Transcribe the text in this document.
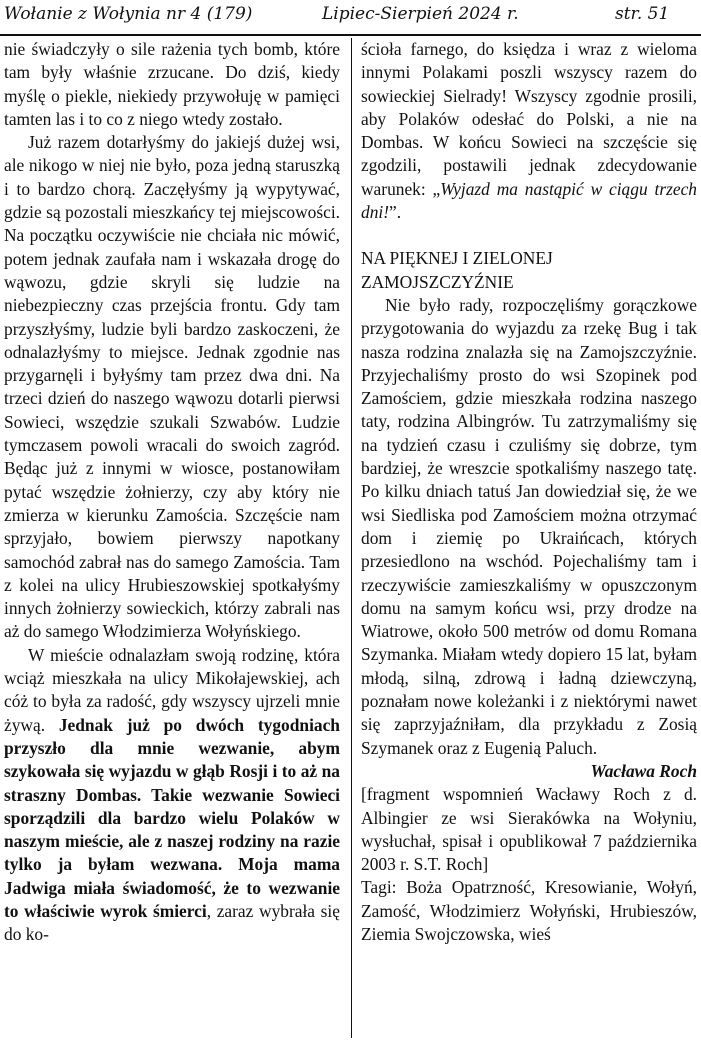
Wołanie z Wołynia nr 4 (179)	Lipiec-Sierpień 2024 r.	str. 51

nie świadczyły o sile rażenia tych bomb, które tam były właśnie zrzucane. Do dziś, kiedy myślę o piekle, niekiedy przywołuję w pamięci tamten las i to co z niego wtedy zostało.

Już razem dotarłyśmy do jakiejś dużej wsi, ale nikogo w niej nie było, poza jedną staruszką i to bardzo chorą. Zaczęłyśmy ją wypytywać, gdzie są pozostali mieszkańcy tej miejscowości. Na początku oczywiście nie chciała nic mówić, potem jednak zaufała nam i wskazała drogę do wąwozu, gdzie skryli się ludzie na niebezpieczny czas przejścia frontu. Gdy tam przyszłyśmy, ludzie byli bardzo zaskoczeni, że odnalazłyśmy to miejsce. Jednak zgodnie nas przygarnęli i byłyśmy tam przez dwa dni. Na trzeci dzień do naszego wąwozu dotarli pierwsi Sowieci, wszędzie szukali Szwabów. Ludzie tymczasem powoli wracali do swoich zagród. Będąc już z innymi w wiosce, postanowiłam pytać wszędzie żołnierzy, czy aby który nie zmierza w kierunku Zamościa. Szczęście nam sprzyjało, bowiem pierwszy napotkany samochód zabrał nas do samego Zamościa. Tam z kolei na ulicy Hrubieszowskiej spotkałyśmy innych żołnierzy sowieckich, którzy zabrali nas aż do samego Włodzimierza Wołyńskiego.

W mieście odnalazłam swoją rodzinę, która wciąż mieszkała na ulicy Mikołajewskiej, ach cóż to była za radość, gdy wszyscy ujrzeli mnie żywą. Jednak już po dwóch tygodniach przyszło dla mnie wezwanie, abym szykowała się wyjazdu w głąb Rosji i to aż na straszny Dombas. Takie wezwanie Sowieci sporządzili dla bardzo wielu Polaków w naszym mieście, ale z naszej rodziny na razie tylko ja byłam wezwana. Moja mama Jadwiga miała świadomość, że to wezwanie to właściwie wyrok śmierci, zaraz wybrała się do ko-

ścioła farnego, do księdza i wraz z wieloma innymi Polakami poszli wszyscy razem do sowieckiej Sielrady! Wszyscy zgodnie prosili, aby Polaków odesłać do Polski, a nie na Dombas. W końcu Sowieci na szczęście się zgodzili, postawili jednak zdecydowanie warunek: „Wyjazd ma nastąpić w ciągu trzech dni!”.

NA PIĘKNEJ I ZIELONEJ
ZAMOJSZCZYŹNIE

Nie było rady, rozpoczęliśmy gorączkowe przygotowania do wyjazdu za rzekę Bug i tak nasza rodzina znalazła się na Zamojszczyźnie. Przyjechaliśmy prosto do wsi Szopinek pod Zamościem, gdzie mieszkała rodzina naszego taty, rodzina Albingrów. Tu zatrzymaliśmy się na tydzień czasu i czuliśmy się dobrze, tym bardziej, że wreszcie spotkaliśmy naszego tatę. Po kilku dniach tatuś Jan dowiedział się, że we wsi Siedliska pod Zamościem można otrzymać dom i ziemię po Ukraińcach, których przesiedlono na wschód. Pojechaliśmy tam i rzeczywiście zamieszkaliśmy w opuszczonym domu na samym końcu wsi, przy drodze na Wiatrowe, około 500 metrów od domu Romana Szymanka. Miałam wtedy dopiero 15 lat, byłam młodą, silną, zdrową i ładną dziewczyną, poznałam nowe koleżanki i z niektórymi nawet się zaprzyjaźniłam, dla przykładu z Zosią Szymanek oraz z Eugenią Paluch.

Wacława Roch

[fragment wspomnień Wacławy Roch z d. Albingier ze wsi Sierakówka na Wołyniu, wysłuchał, spisał i opublikował 7 października 2003 r. S.T. Roch]

Tagi: Boża Opatrzność, Kresowianie, Wołyń, Zamość, Włodzimierz Wołyński, Hrubieszów, Ziemia Swojczowska, wieś
